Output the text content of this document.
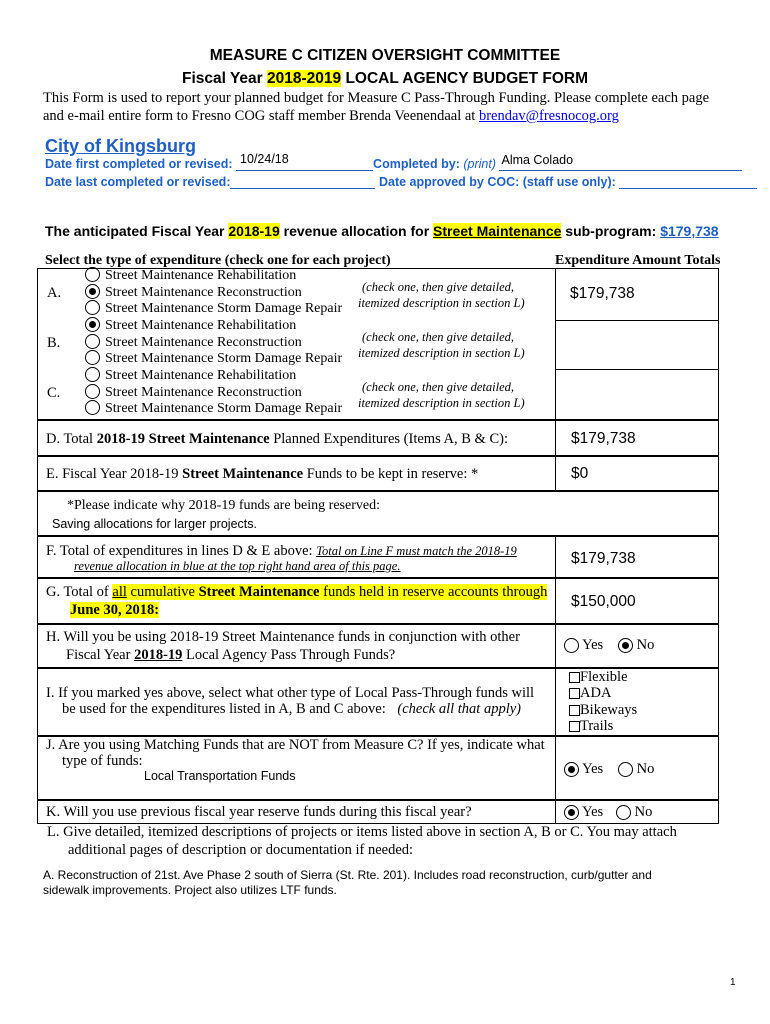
MEASURE C CITIZEN OVERSIGHT COMMITTEE
Fiscal Year 2018-2019 LOCAL AGENCY BUDGET FORM
This Form is used to report your planned budget for Measure C Pass-Through Funding. Please complete each page
and e-mail entire form to Fresno COG staff member Brenda Veenendaal at brendav@fresnocog.org
City of Kingsburg
Date first completed or revised: 10/24/18	Completed by: (print) Alma Colado
Date last completed or revised:	Date approved by COC: (staff use only):
The anticipated Fiscal Year 2018-19 revenue allocation for Street Maintenance sub-program: $179,738
Select the type of expenditure (check one for each project)	Expenditure Amount Totals
A.
Street Maintenance Rehabilitation
Street Maintenance Reconstruction
Street Maintenance Storm Damage Repair
(check one, then give detailed,
itemized description in section L)
$179,738
B.
Street Maintenance Rehabilitation
Street Maintenance Reconstruction
Street Maintenance Storm Damage Repair
(check one, then give detailed,
itemized description in section L)
C.
Street Maintenance Rehabilitation
Street Maintenance Reconstruction
Street Maintenance Storm Damage Repair
(check one, then give detailed,
itemized description in section L)
D. Total 2018-19 Street Maintenance Planned Expenditures (Items A, B & C):	$179,738
E. Fiscal Year 2018-19 Street Maintenance Funds to be kept in reserve: *	$0
*Please indicate why 2018-19 funds are being reserved:
Saving allocations for larger projects.
F. Total of expenditures in lines D & E above: Total on Line F must match the 2018-19
revenue allocation in blue at the top right hand area of this page.	$179,738
G. Total of all cumulative Street Maintenance funds held in reserve accounts through
June 30, 2018:	$150,000
H. Will you be using 2018-19 Street Maintenance funds in conjunction with other
Fiscal Year 2018-19 Local Agency Pass Through Funds?
Yes	No
I. If you marked yes above, select what other type of Local Pass-Through funds will
be used for the expenditures listed in A, B and C above: (check all that apply)
Flexible
ADA
Bikeways
Trails
J. Are you using Matching Funds that are NOT from Measure C? If yes, indicate what
type of funds:
Local Transportation Funds	Yes	No
K. Will you use previous fiscal year reserve funds during this fiscal year?	Yes	No
L. Give detailed, itemized descriptions of projects or items listed above in section A, B or C. You may attach
additional pages of description or documentation if needed:
A. Reconstruction of 21st. Ave Phase 2 south of Sierra (St. Rte. 201). Includes road reconstruction, curb/gutter and
sidewalk improvements. Project also utilizes LTF funds.
1
